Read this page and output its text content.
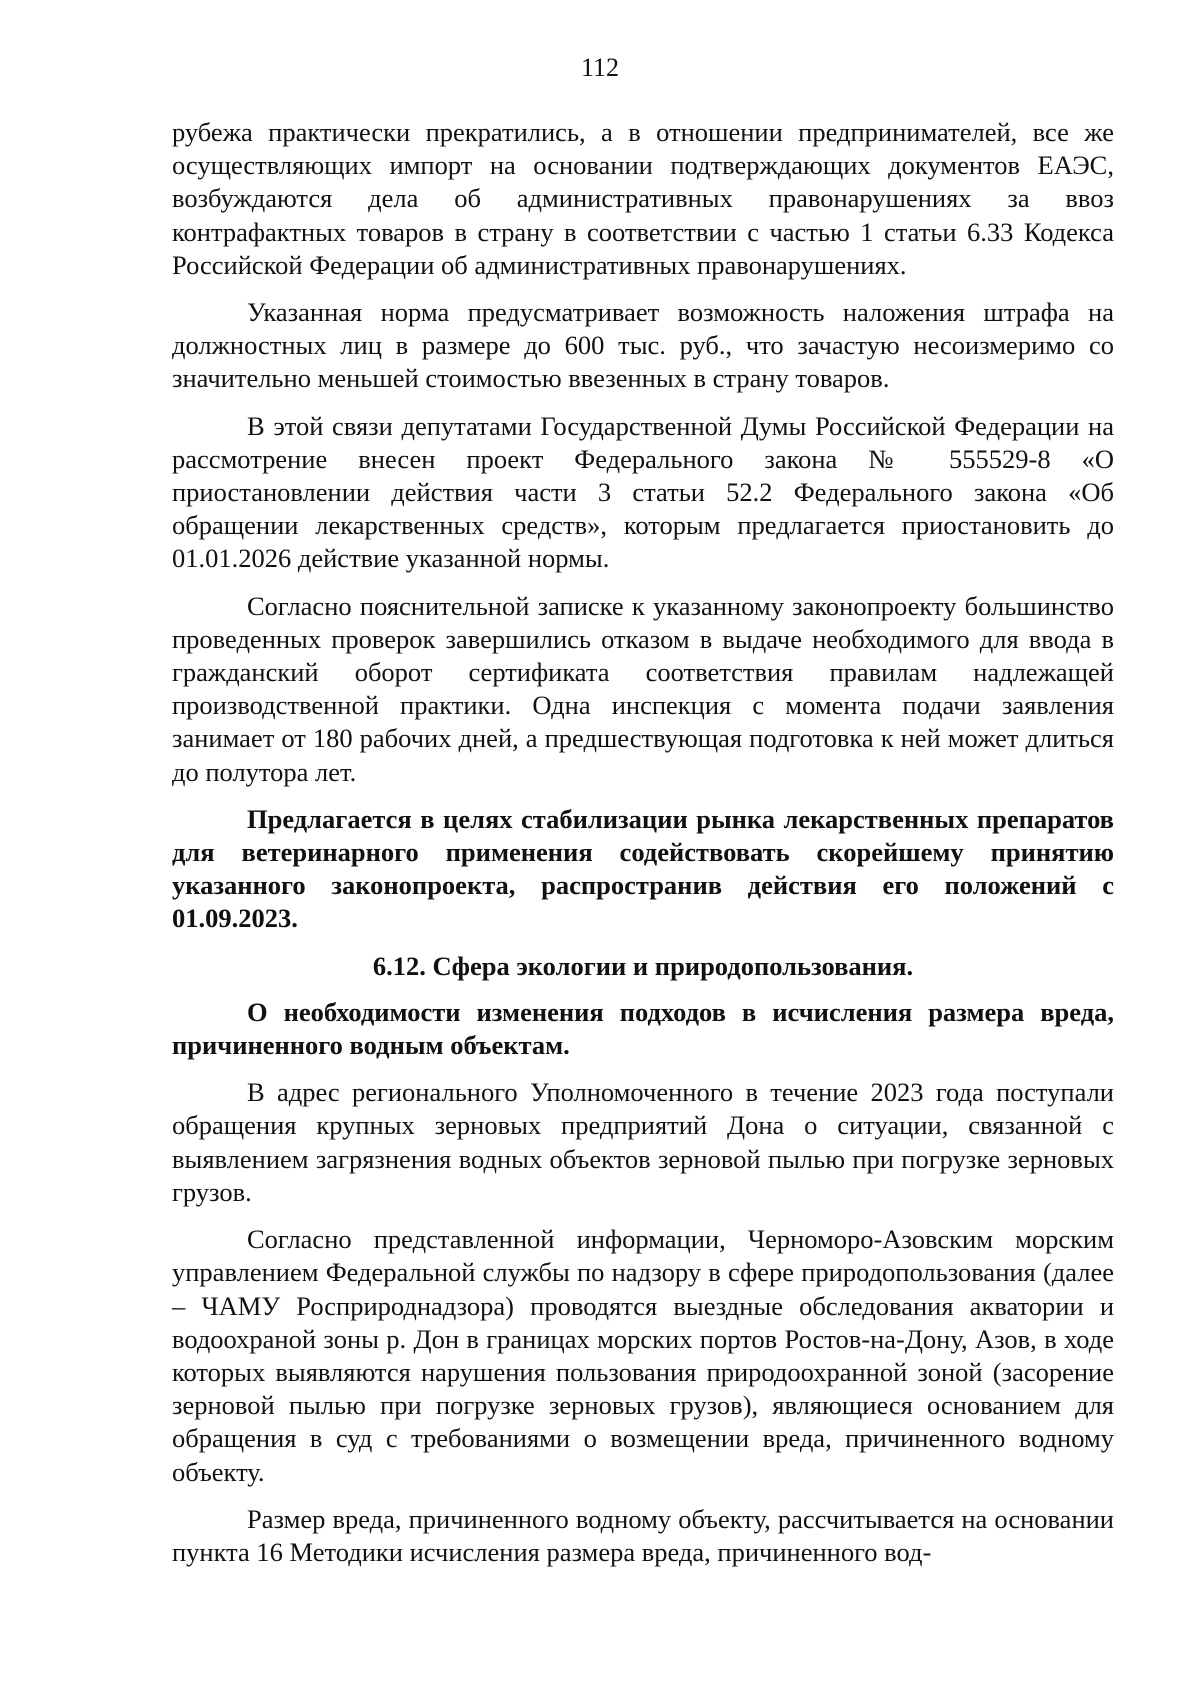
112

рубежа практически прекратились, а в отношении предпринимателей, все же осуществляющих импорт на основании подтверждающих документов ЕАЭС, возбуждаются дела об административных правонарушениях за ввоз контрафактных товаров в страну в соответствии с частью 1 статьи 6.33 Кодекса Российской Федерации об административных правонарушениях.

Указанная норма предусматривает возможность наложения штрафа на должностных лиц в размере до 600 тыс. руб., что зачастую несоизмеримо со значительно меньшей стоимостью ввезенных в страну товаров.

В этой связи депутатами Государственной Думы Российской Федерации на рассмотрение внесен проект Федерального закона № 555529-8 «О приостановлении действия части 3 статьи 52.2 Федерального закона «Об обращении лекарственных средств», которым предлагается приостановить до 01.01.2026 действие указанной нормы.

Согласно пояснительной записке к указанному законопроекту большинство проведенных проверок завершились отказом в выдаче необходимого для ввода в гражданский оборот сертификата соответствия правилам надлежащей производственной практики. Одна инспекция с момента подачи заявления занимает от 180 рабочих дней, а предшествующая подготовка к ней может длиться до полутора лет.

Предлагается в целях стабилизации рынка лекарственных препаратов для ветеринарного применения содействовать скорейшему принятию указанного законопроекта, распространив действия его положений с 01.09.2023.

6.12. Сфера экологии и природопользования.

О необходимости изменения подходов в исчисления размера вреда, причиненного водным объектам.

В адрес регионального Уполномоченного в течение 2023 года поступали обращения крупных зерновых предприятий Дона о ситуации, связанной с выявлением загрязнения водных объектов зерновой пылью при погрузке зерновых грузов.

Согласно представленной информации, Черноморо-Азовским морским управлением Федеральной службы по надзору в сфере природопользования (далее – ЧАМУ Росприроднадзора) проводятся выездные обследования акватории и водоохраной зоны р. Дон в границах морских портов Ростов-на-Дону, Азов, в ходе которых выявляются нарушения пользования природоохранной зоной (засорение зерновой пылью при погрузке зерновых грузов), являющиеся основанием для обращения в суд с требованиями о возмещении вреда, причиненного водному объекту.

Размер вреда, причиненного водному объекту, рассчитывается на основании пункта 16 Методики исчисления размера вреда, причиненного вод-
